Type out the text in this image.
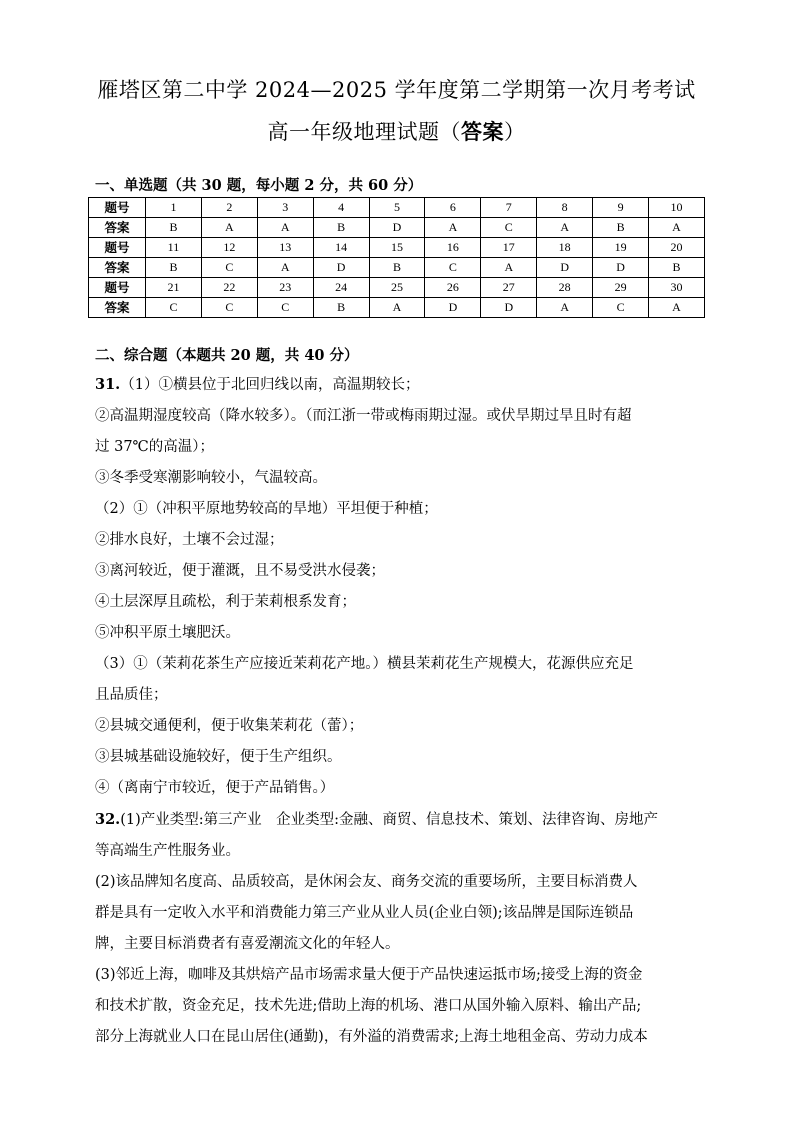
雁塔区第二中学 2024—2025 学年度第二学期第一次月考考试
高一年级地理试题（答案）
一、单选题（共 30 题，每小题 2 分，共 60 分）
题号	1	2	3	4	5	6	7	8	9	10
答案	B	A	A	B	D	A	C	A	B	A
题号	11	12	13	14	15	16	17	18	19	20
答案	B	C	A	D	B	C	A	D	D	B
题号	21	22	23	24	25	26	27	28	29	30
答案	C	C	C	B	A	D	D	A	C	A
二、综合题（本题共 20 题，共 40 分）

31.（1）①横县位于北回归线以南，高温期较长；

②高温期湿度较高（降水较多）。（而江浙一带或梅雨期过湿。或伏旱期过旱且时有超

过 37℃的高温）；

③冬季受寒潮影响较小，气温较高。

（2）①（冲积平原地势较高的旱地）平坦便于种植；

②排水良好，土壤不会过湿；

③离河较近，便于灌溉，且不易受洪水侵袭；

④土层深厚且疏松，利于茉莉根系发育；

⑤冲积平原土壤肥沃。

（3）①（茉莉花茶生产应接近茉莉花产地。）横县茉莉花生产规模大，花源供应充足

且品质佳；

②县城交通便利，便于收集茉莉花（蕾）；

③县城基础设施较好，便于生产组织。

④（离南宁市较近，便于产品销售。）

32.(1)产业类型:第三产业　企业类型:金融、商贸、信息技术、策划、法律咨询、房地产

等高端生产性服务业。

(2)该品牌知名度高、品质较高，是休闲会友、商务交流的重要场所，主要目标消费人

群是具有一定收入水平和消费能力第三产业从业人员(企业白领);该品牌是国际连锁品

牌，主要目标消费者有喜爱潮流文化的年轻人。

(3)邻近上海，咖啡及其烘焙产品市场需求量大便于产品快速运抵市场;接受上海的资金

和技术扩散，资金充足，技术先进;借助上海的机场、港口从国外输入原料、输出产品;

部分上海就业人口在昆山居住(通勤)，有外溢的消费需求;上海土地租金高、劳动力成本
